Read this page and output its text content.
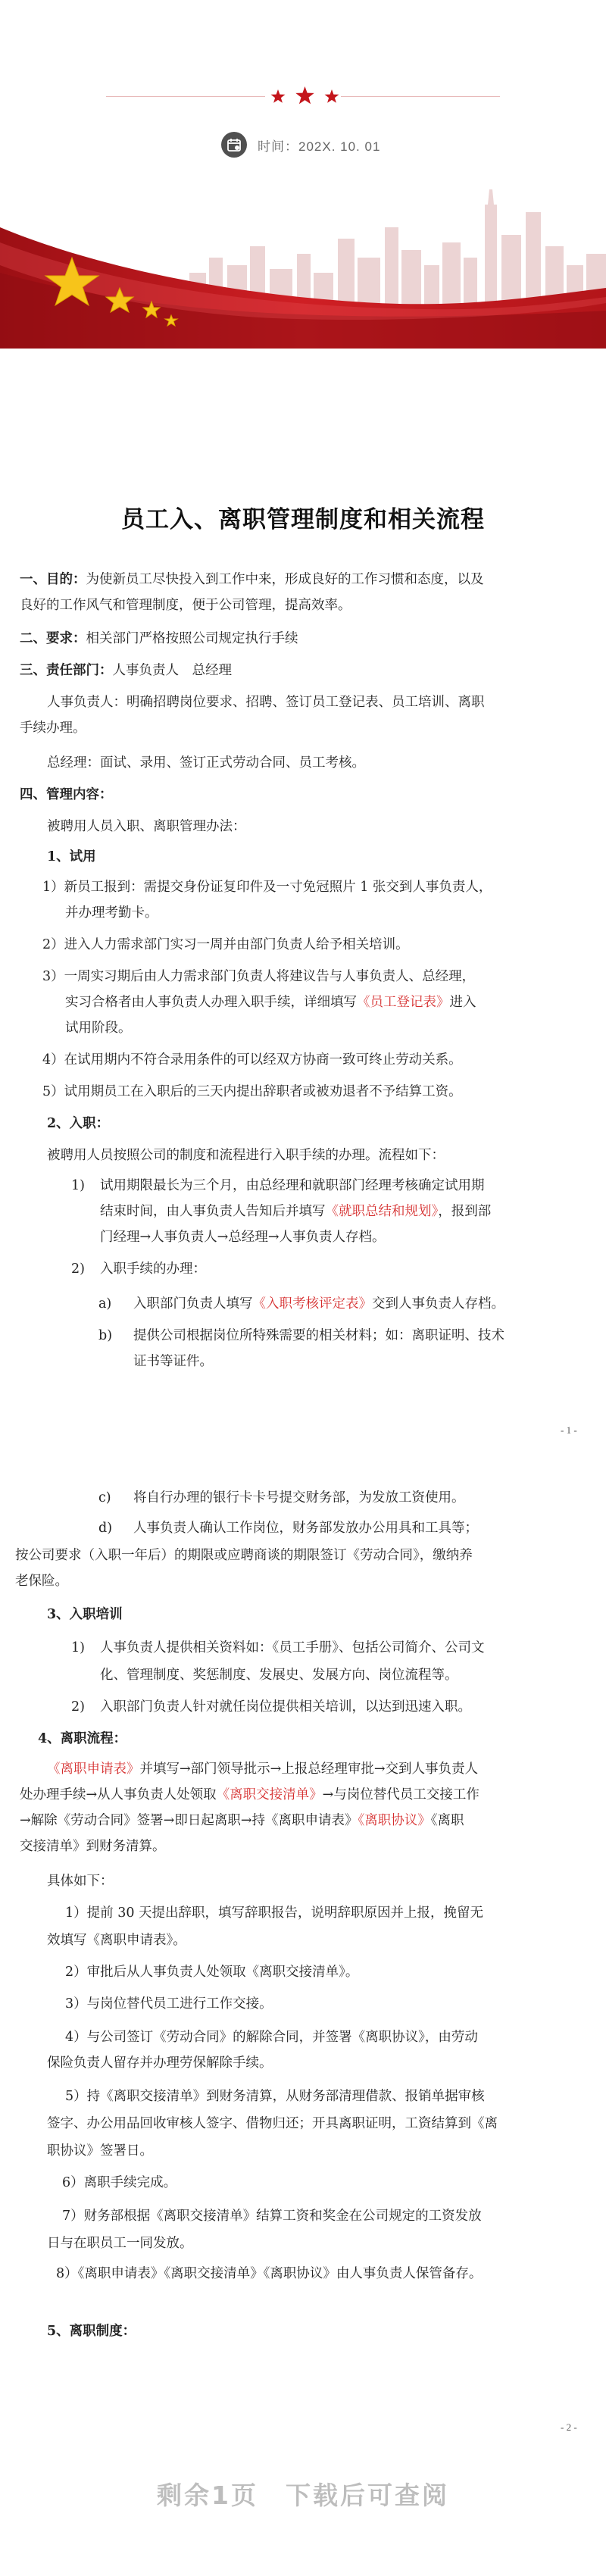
时间：202X. 10. 01
员工入、离职管理制度和相关流程
一、目的：为使新员工尽快投入到工作中来，形成良好的工作习惯和态度，以及
良好的工作风气和管理制度，便于公司管理，提高效率。
二、要求：相关部门严格按照公司规定执行手续
三、责任部门：人事负责人　总经理
人事负责人：明确招聘岗位要求、招聘、签订员工登记表、员工培训、离职
手续办理。
总经理：面试、录用、签订正式劳动合同、员工考核。
四、管理内容：
被聘用人员入职、离职管理办法：
1、试用
1）新员工报到：需提交身份证复印件及一寸免冠照片 1 张交到人事负责人，
并办理考勤卡。
2）进入人力需求部门实习一周并由部门负责人给予相关培训。
3）一周实习期后由人力需求部门负责人将建议告与人事负责人、总经理，
实习合格者由人事负责人办理入职手续，详细填写《员工登记表》进入
试用阶段。
4）在试用期内不符合录用条件的可以经双方协商一致可终止劳动关系。
5）试用期员工在入职后的三天内提出辞职者或被劝退者不予结算工资。
2、入职：
被聘用人员按照公司的制度和流程进行入职手续的办理。流程如下：
1) 试用期限最长为三个月，由总经理和就职部门经理考核确定试用期
结束时间，由人事负责人告知后并填写《就职总结和规划》，报到部
门经理→人事负责人→总经理→人事负责人存档。
2) 入职手续的办理：
a) 入职部门负责人填写《入职考核评定表》交到人事负责人存档。
b) 提供公司根据岗位所特殊需要的相关材料；如：离职证明、技术
证书等证件。
- 1 -
c) 将自行办理的银行卡卡号提交财务部，为发放工资使用。
d) 人事负责人确认工作岗位，财务部发放办公用具和工具等；
按公司要求（入职一年后）的期限或应聘商谈的期限签订《劳动合同》，缴纳养
老保险。
3、入职培训
1) 人事负责人提供相关资料如：《员工手册》、包括公司简介、公司文
化、管理制度、奖惩制度、发展史、发展方向、岗位流程等。
2) 入职部门负责人针对就任岗位提供相关培训，以达到迅速入职。
4、离职流程：
《离职申请表》并填写→部门领导批示→上报总经理审批→交到人事负责人
处办理手续→从人事负责人处领取《离职交接清单》→与岗位替代员工交接工作
→解除《劳动合同》签署→即日起离职→持《离职申请表》《离职协议》《离职
交接清单》到财务清算。
具体如下：
1）提前 30 天提出辞职，填写辞职报告，说明辞职原因并上报，挽留无
效填写《离职申请表》。
2）审批后从人事负责人处领取《离职交接清单》。
3）与岗位替代员工进行工作交接。
4）与公司签订《劳动合同》的解除合同，并签署《离职协议》，由劳动
保险负责人留存并办理劳保解除手续。
5）持《离职交接清单》到财务清算，从财务部清理借款、报销单据审核
签字、办公用品回收审核人签字、借物归还；开具离职证明，工资结算到《离
职协议》签署日。
6）离职手续完成。
7）财务部根据《离职交接清单》结算工资和奖金在公司规定的工资发放
日与在职员工一同发放。
8）《离职申请表》《离职交接清单》《离职协议》由人事负责人保管备存。
5、离职制度：
- 2 -
剩余1页　下载后可查阅
